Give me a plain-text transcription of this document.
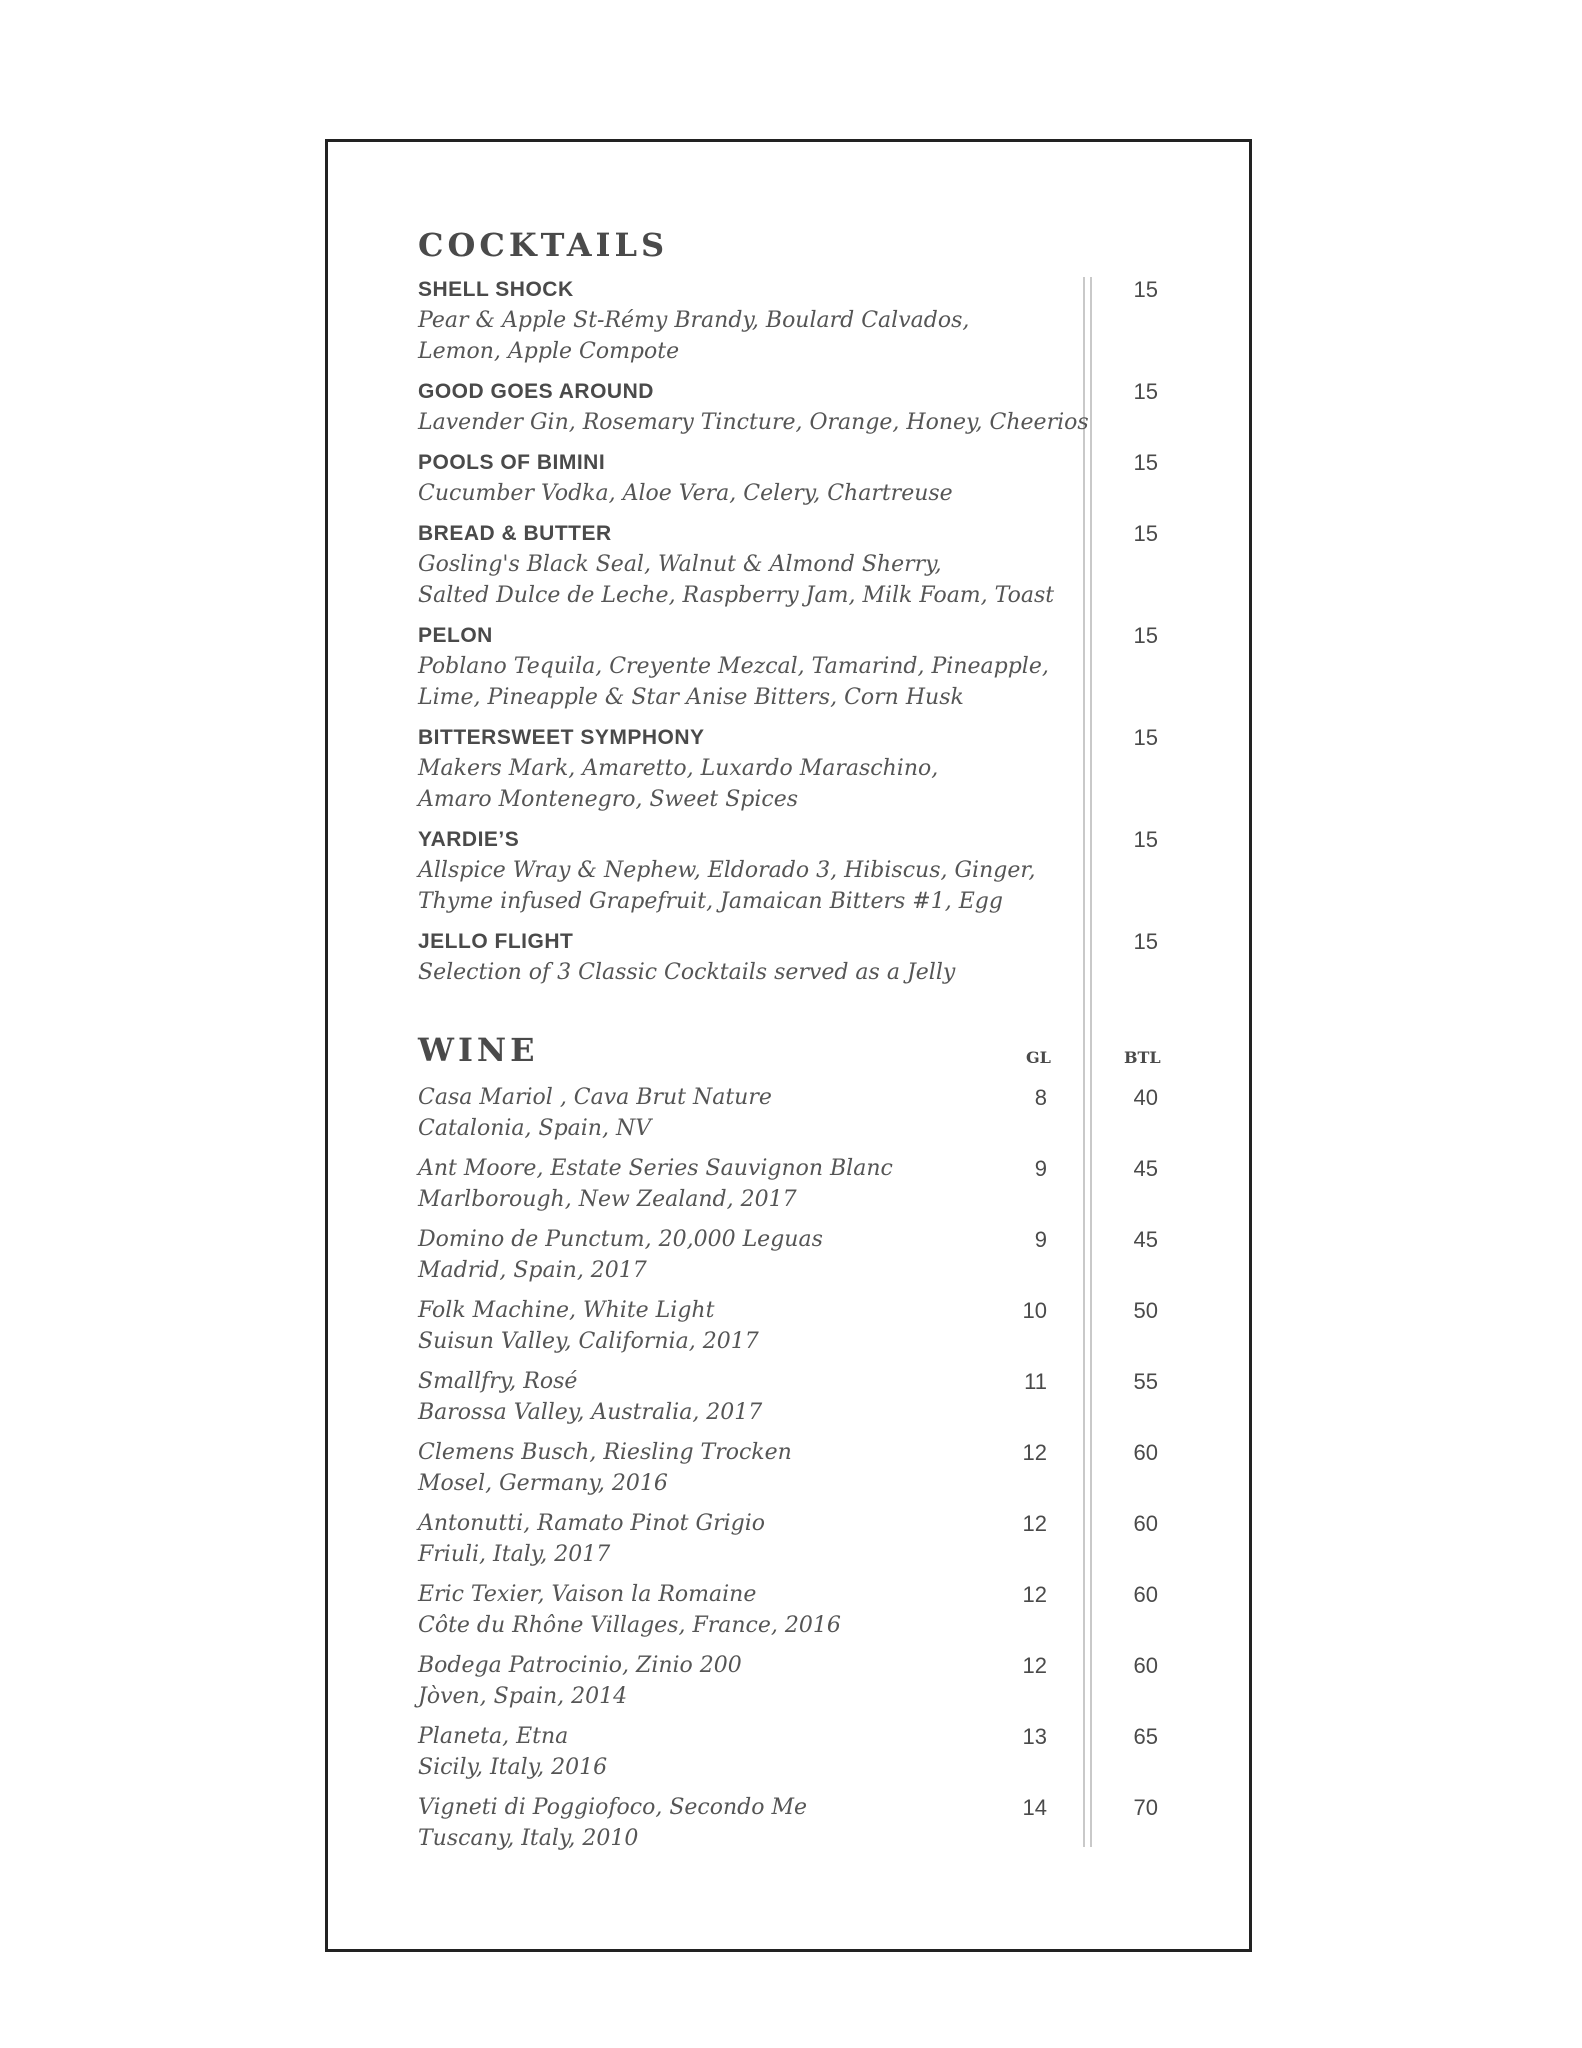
COCKTAILS
SHELL SHOCK
Pear & Apple St-Rémy Brandy, Boulard Calvados,
Lemon, Apple Compote
15
GOOD GOES AROUND
Lavender Gin, Rosemary Tincture, Orange, Honey, Cheerios
15
POOLS OF BIMINI
Cucumber Vodka, Aloe Vera, Celery, Chartreuse
15
BREAD & BUTTER
Gosling's Black Seal, Walnut & Almond Sherry,
Salted Dulce de Leche, Raspberry Jam, Milk Foam, Toast
15
PELON
Poblano Tequila, Creyente Mezcal, Tamarind, Pineapple,
Lime, Pineapple & Star Anise Bitters, Corn Husk
15
BITTERSWEET SYMPHONY
Makers Mark, Amaretto, Luxardo Maraschino,
Amaro Montenegro, Sweet Spices
15
YARDIE’S
Allspice Wray & Nephew, Eldorado 3, Hibiscus, Ginger,
Thyme infused Grapefruit, Jamaican Bitters #1, Egg
15
JELLO FLIGHT
Selection of 3 Classic Cocktails served as a Jelly
15
WINE	GL	BTL
Casa Mariol , Cava Brut Nature
Catalonia, Spain, NV
8	40
Ant Moore, Estate Series Sauvignon Blanc
Marlborough, New Zealand, 2017
9	45
Domino de Punctum, 20,000 Leguas
Madrid, Spain, 2017
9	45
Folk Machine, White Light
Suisun Valley, California, 2017
10	50
Smallfry, Rosé
Barossa Valley, Australia, 2017
11	55
Clemens Busch, Riesling Trocken
Mosel, Germany, 2016
12	60
Antonutti, Ramato Pinot Grigio
Friuli, Italy, 2017
12	60
Eric Texier, Vaison la Romaine
Côte du Rhône Villages, France, 2016
12	60
Bodega Patrocinio, Zinio 200
Jòven, Spain, 2014
12	60
Planeta, Etna
Sicily, Italy, 2016
13	65
Vigneti di Poggiofoco, Secondo Me
Tuscany, Italy, 2010
14	70
